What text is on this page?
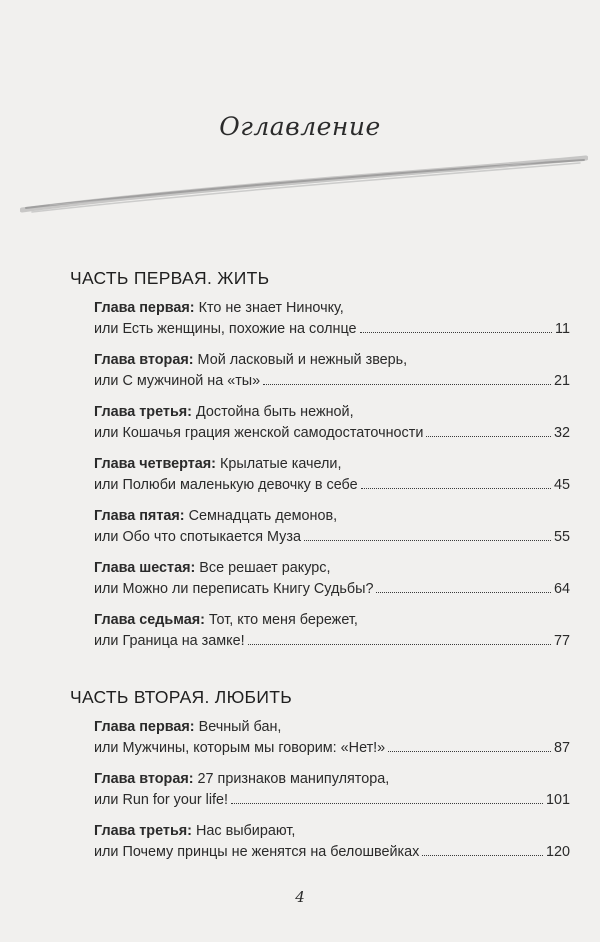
Оглавление
ЧАСТЬ ПЕРВАЯ. ЖИТЬ
Глава первая: Кто не знает Ниночку,
или Есть женщины, похожие на солнце	11
Глава вторая: Мой ласковый и нежный зверь,
или С мужчиной на «ты»	21
Глава третья: Достойна быть нежной,
или Кошачья грация женской самодостаточности	32
Глава четвертая: Крылатые качели,
или Полюби маленькую девочку в себе	45
Глава пятая: Семнадцать демонов,
или Обо что спотыкается Муза	55
Глава шестая: Все решает ракурс,
или Можно ли переписать Книгу Судьбы?	64
Глава седьмая: Тот, кто меня бережет,
или Граница на замке!	77
ЧАСТЬ ВТОРАЯ. ЛЮБИТЬ
Глава первая: Вечный бан,
или Мужчины, которым мы говорим: «Нет!»	87
Глава вторая: 27 признаков манипулятора,
или Run for your life!	101
Глава третья: Нас выбирают,
или Почему принцы не женятся на белошвейках	120
4
